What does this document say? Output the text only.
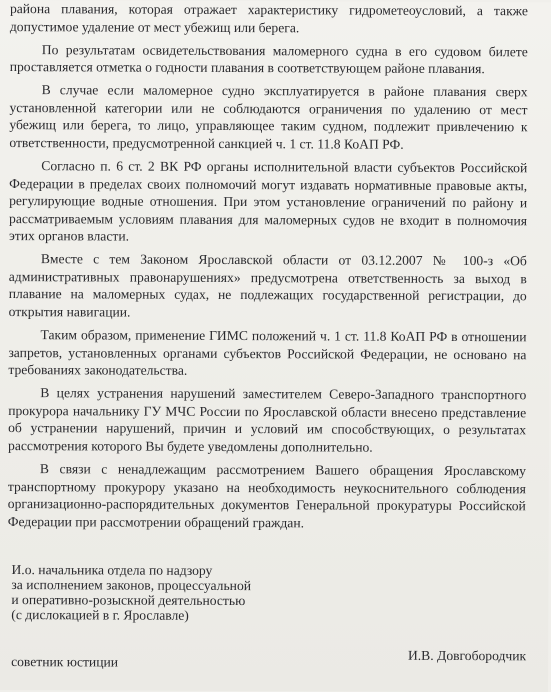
района плавания, которая отражает характеристику гидрометеоусловий, а также допустимое удаление от мест убежищ или берега.

По результатам освидетельствования маломерного судна в его судовом билете проставляется отметка о годности плавания в соответствующем районе плавания.

В случае если маломерное судно эксплуатируется в районе плавания сверх установленной категории или не соблюдаются ограничения по удалению от мест убежищ или берега, то лицо, управляющее таким судном, подлежит привлечению к ответственности, предусмотренной санкцией ч. 1 ст. 11.8 КоАП РФ.

Согласно п. 6 ст. 2 ВК РФ органы исполнительной власти субъектов Российской Федерации в пределах своих полномочий могут издавать нормативные правовые акты, регулирующие водные отношения. При этом установление ограничений по району и рассматриваемым условиям плавания для маломерных судов не входит в полномочия этих органов власти.

Вместе с тем Законом Ярославской области от 03.12.2007 № 100-з «Об административных правонарушениях» предусмотрена ответственность за выход в плавание на маломерных судах, не подлежащих государственной регистрации, до открытия навигации.

Таким образом, применение ГИМС положений ч. 1 ст. 11.8 КоАП РФ в отношении запретов, установленных органами субъектов Российской Федерации, не основано на требованиях законодательства.

В целях устранения нарушений заместителем Северо-Западного транспортного прокурора начальнику ГУ МЧС России по Ярославской области внесено представление об устранении нарушений, причин и условий им способствующих, о результатах рассмотрения которого Вы будете уведомлены дополнительно.

В связи с ненадлежащим рассмотрением Вашего обращения Ярославскому транспортному прокурору указано на необходимость неукоснительного соблюдения организационно-распорядительных документов Генеральной прокуратуры Российской Федерации при рассмотрении обращений граждан.

И.о. начальника отдела по надзору
за исполнением законов, процессуальной
и оперативно-розыскной деятельностью
(с дислокацией в г. Ярославле)
советник юстиции	И.В. Довгобородчик
